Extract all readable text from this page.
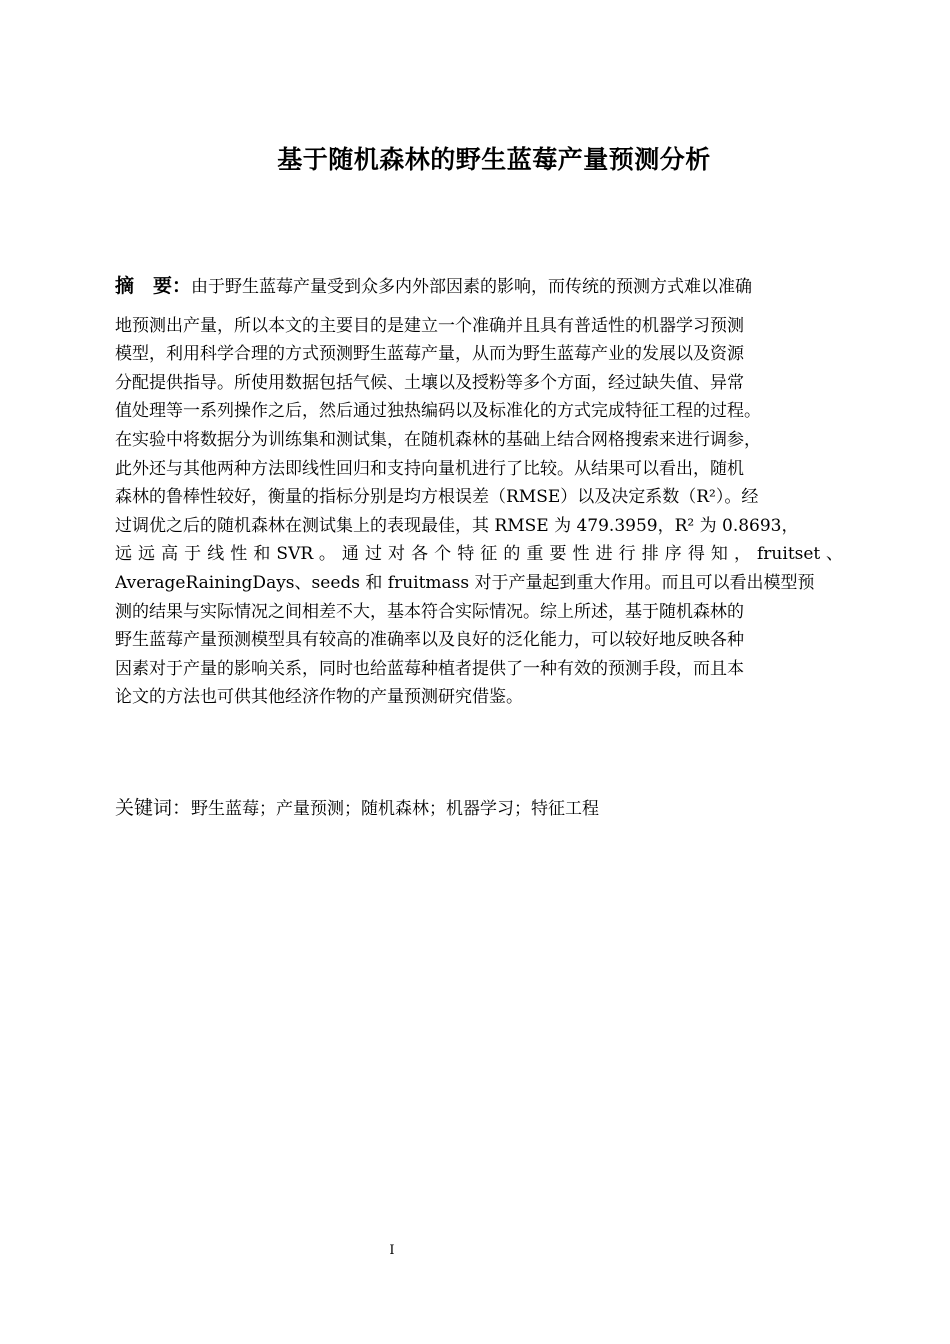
基于随机森林的野生蓝莓产量预测分析
摘　要：由于野生蓝莓产量受到众多内外部因素的影响，而传统的预测方式难以准确
地预测出产量，所以本文的主要目的是建立一个准确并且具有普适性的机器学习预测
模型，利用科学合理的方式预测野生蓝莓产量，从而为野生蓝莓产业的发展以及资源
分配提供指导。所使用数据包括气候、土壤以及授粉等多个方面，经过缺失值、异常
值处理等一系列操作之后，然后通过独热编码以及标准化的方式完成特征工程的过程。
在实验中将数据分为训练集和测试集，在随机森林的基础上结合网格搜索来进行调参，
此外还与其他两种方法即线性回归和支持向量机进行了比较。从结果可以看出，随机
森林的鲁棒性较好，衡量的指标分别是均方根误差（RMSE）以及决定系数（R²）。经
过调优之后的随机森林在测试集上的表现最佳，其 RMSE 为 479.3959，R² 为 0.8693，
远 远 高 于 线 性 和 SVR 。 通 过 对 各 个 特 征 的 重 要 性 进 行 排 序 得 知 ， fruitset 、
AverageRainingDays、seeds 和 fruitmass 对于产量起到重大作用。而且可以看出模型预
测的结果与实际情况之间相差不大，基本符合实际情况。综上所述，基于随机森林的
野生蓝莓产量预测模型具有较高的准确率以及良好的泛化能力，可以较好地反映各种
因素对于产量的影响关系，同时也给蓝莓种植者提供了一种有效的预测手段，而且本
论文的方法也可供其他经济作物的产量预测研究借鉴。
关键词：野生蓝莓；产量预测；随机森林；机器学习；特征工程
I
